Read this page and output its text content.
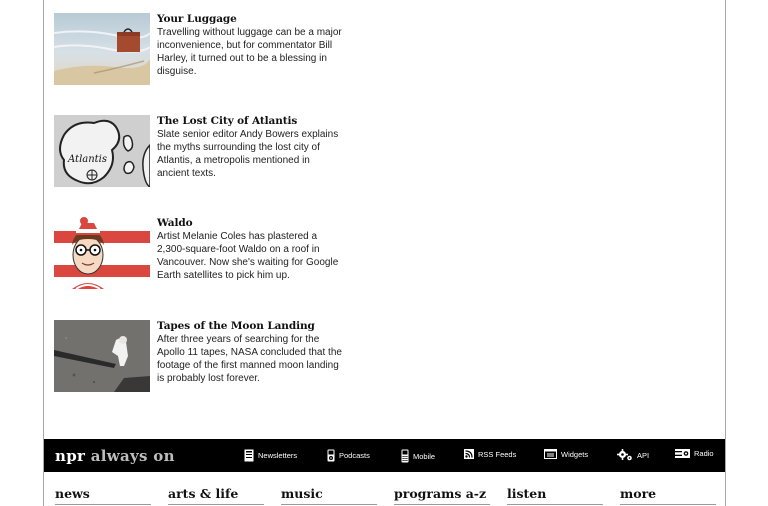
Your Luggage

Travelling without luggage can be a major inconvenience, but for commentator Bill Harley, it turned out to be a blessing in disguise.

Atlantis

The Lost City of Atlantis

Slate senior editor Andy Bowers explains the myths surrounding the lost city of Atlantis, a metropolis mentioned in ancient texts.

Waldo

Artist Melanie Coles has plastered a 2,300-square-foot Waldo on a roof in Vancouver. Now she's waiting for Google Earth satellites to pick him up.

Tapes of the Moon Landing

After three years of searching for the Apollo 11 tapes, NASA concluded that the footage of the first manned moon landing is probably lost forever.

npr always on	Newsletters	Podcasts	Mobile	RSS Feeds	Widgets	API	Radio
news	arts & life	music	programs a-z	listen	more
